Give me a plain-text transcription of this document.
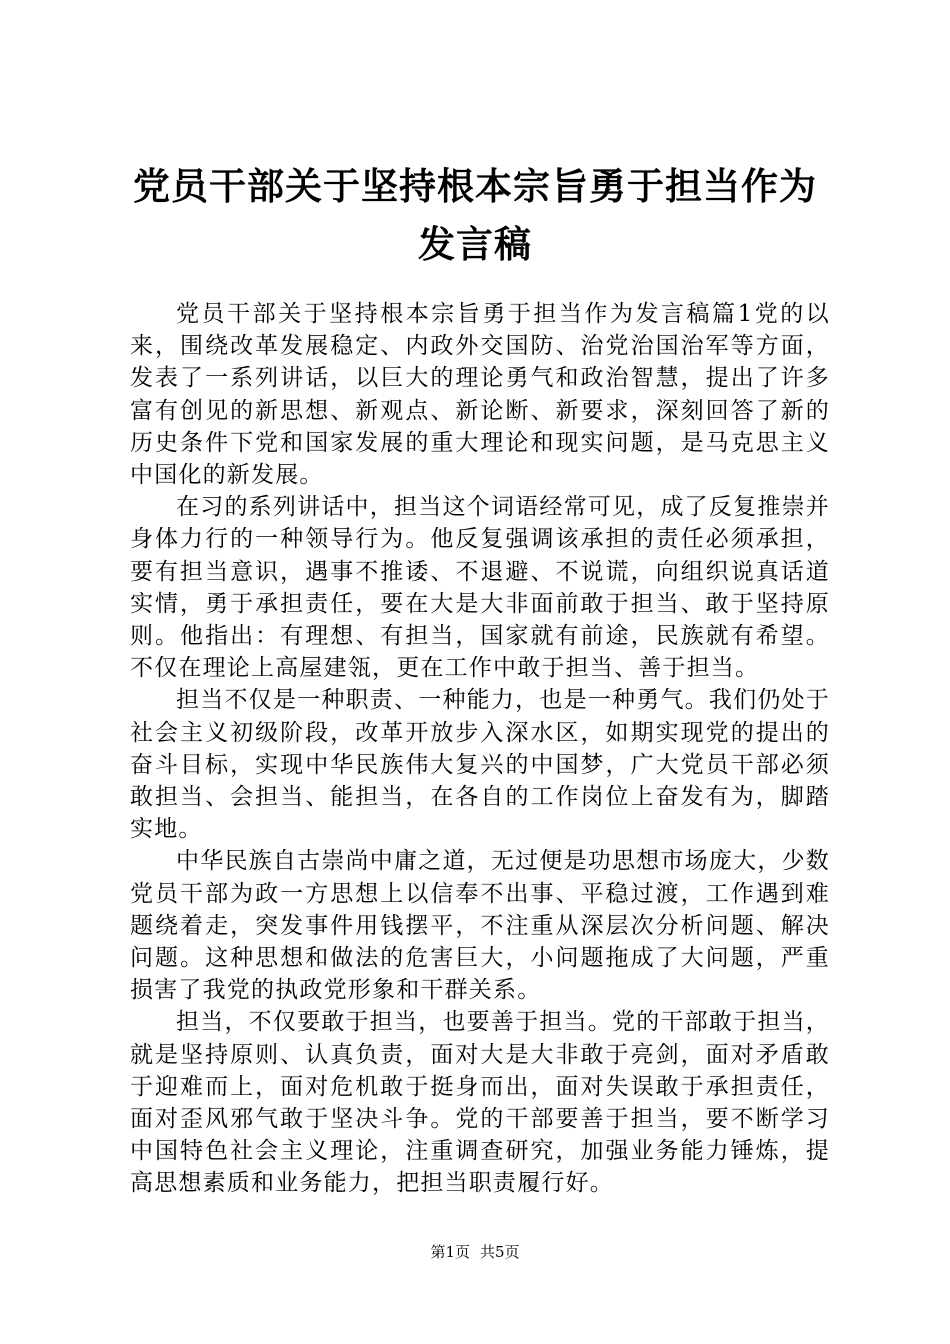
党员干部关于坚持根本宗旨勇于担当作为发言稿

党员干部关于坚持根本宗旨勇于担当作为发言稿篇1党的以来，围绕改革发展稳定、内政外交国防、治党治国治军等方面，发表了一系列讲话，以巨大的理论勇气和政治智慧，提出了许多富有创见的新思想、新观点、新论断、新要求，深刻回答了新的历史条件下党和国家发展的重大理论和现实问题，是马克思主义中国化的新发展。

在习的系列讲话中，担当这个词语经常可见，成了反复推崇并身体力行的一种领导行为。他反复强调该承担的责任必须承担，要有担当意识，遇事不推诿、不退避、不说谎，向组织说真话道实情，勇于承担责任，要在大是大非面前敢于担当、敢于坚持原则。他指出：有理想、有担当，国家就有前途，民族就有希望。不仅在理论上高屋建瓴，更在工作中敢于担当、善于担当。

担当不仅是一种职责、一种能力，也是一种勇气。我们仍处于社会主义初级阶段，改革开放步入深水区，如期实现党的提出的奋斗目标，实现中华民族伟大复兴的中国梦，广大党员干部必须敢担当、会担当、能担当，在各自的工作岗位上奋发有为，脚踏实地。

中华民族自古崇尚中庸之道，无过便是功思想市场庞大，少数党员干部为政一方思想上以信奉不出事、平稳过渡，工作遇到难题绕着走，突发事件用钱摆平，不注重从深层次分析问题、解决问题。这种思想和做法的危害巨大，小问题拖成了大问题，严重损害了我党的执政党形象和干群关系。

担当，不仅要敢于担当，也要善于担当。党的干部敢于担当，就是坚持原则、认真负责，面对大是大非敢于亮剑，面对矛盾敢于迎难而上，面对危机敢于挺身而出，面对失误敢于承担责任，面对歪风邪气敢于坚决斗争。党的干部要善于担当，要不断学习中国特色社会主义理论，注重调查研究，加强业务能力锤炼，提高思想素质和业务能力，把担当职责履行好。

第1页 共5页
